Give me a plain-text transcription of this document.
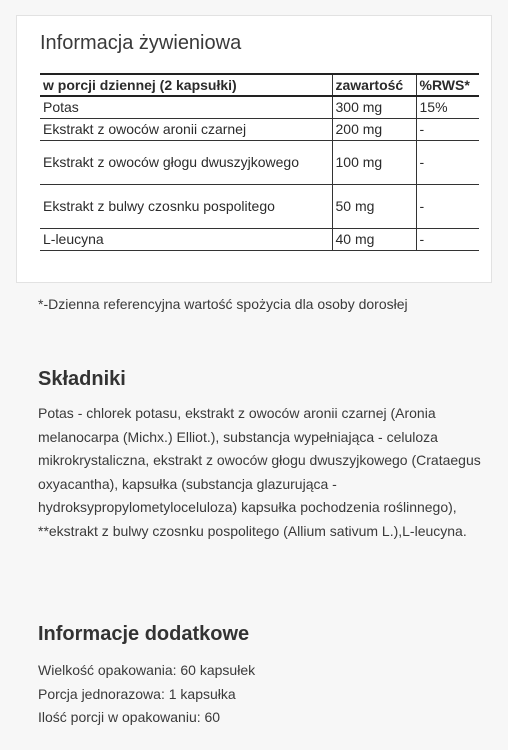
Informacja żywieniowa
w porcji dziennej (2 kapsułki)	zawartość	%RWS*
Potas	300 mg	15%
Ekstrakt z owoców aronii czarnej	200 mg	-
Ekstrakt z owoców głogu dwuszyjkowego	100 mg	-
Ekstrakt z bulwy czosnku pospolitego	50 mg	-
L-leucyna	40 mg	-

*-Dzienna referencyjna wartość spożycia dla osoby dorosłej

Składniki

Potas - chlorek potasu, ekstrakt z owoców aronii czarnej (Aronia melanocarpa (Michx.) Elliot.), substancja wypełniająca - celuloza mikrokrystaliczna, ekstrakt z owoców głogu dwuszyjkowego (Crataegus oxyacantha), kapsułka (substancja glazurująca - hydroksypropylometyloceluloza) kapsułka pochodzenia roślinnego), **ekstrakt z bulwy czosnku pospolitego (Allium sativum L.),L-leucyna.

Informacje dodatkowe
Wielkość opakowania: 60 kapsułek
Porcja jednorazowa: 1 kapsułka
Ilość porcji w opakowaniu: 60
